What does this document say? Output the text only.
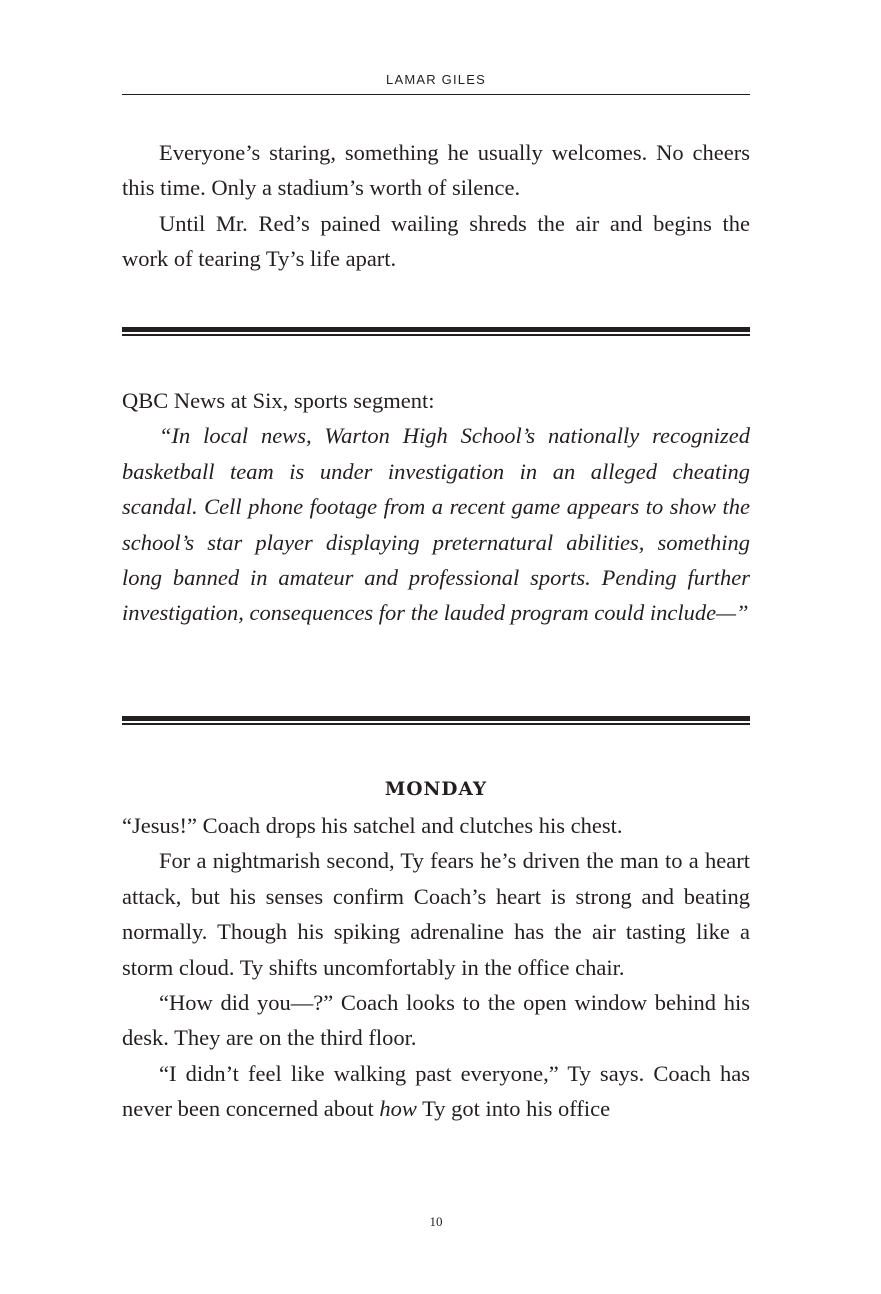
LAMAR GILES

Everyone’s staring, something he usually welcomes. No cheers this time. Only a stadium’s worth of silence.

Until Mr. Red’s pained wailing shreds the air and begins the work of tearing Ty’s life apart.

QBC News at Six, sports segment:

“In local news, Warton High School’s nationally recognized basketball team is under investigation in an alleged cheating scandal. Cell phone footage from a recent game appears to show the school’s star player displaying preternatural abilities, something long banned in amateur and professional sports. Pending further investigation, consequences for the lauded program could include—”

MONDAY

“Jesus!” Coach drops his satchel and clutches his chest.

For a nightmarish second, Ty fears he’s driven the man to a heart attack, but his senses confirm Coach’s heart is strong and beating normally. Though his spiking adrenaline has the air tasting like a storm cloud. Ty shifts uncomfortably in the office chair.

“How did you—?” Coach looks to the open window behind his desk. They are on the third floor.

“I didn’t feel like walking past everyone,” Ty says. Coach has never been concerned about how Ty got into his office

10
